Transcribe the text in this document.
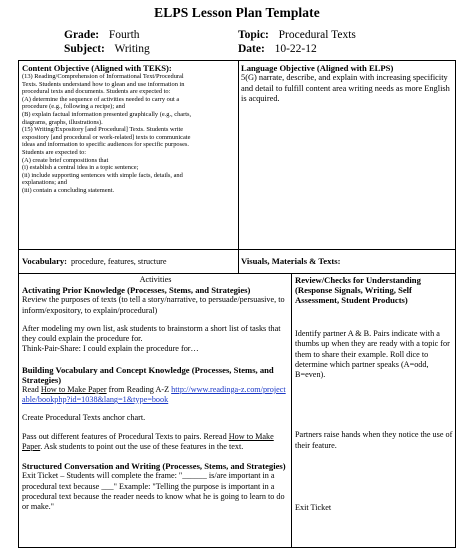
ELPS Lesson Plan Template
Grade: Fourth
Subject: Writing
Topic: Procedural Texts
Date: 10-22-12
Content Objective (Aligned with TEKS):
(13) Reading/Comprehension of Informational Text/Procedural
Texts. Students understand how to glean and use information in
procedural texts and documents. Students are expected to:
(A) determine the sequence of activities needed to carry out a
procedure (e.g., following a recipe); and
(B) explain factual information presented graphically (e.g., charts,
diagrams, graphs, illustrations).
(15) Writing/Expository [and Procedural] Texts. Students write
expository [and procedural or work-related] texts to communicate
ideas and information to specific audiences for specific purposes.
Students are expected to:
(A) create brief compositions that
(i) establish a central idea in a topic sentence;
(ii) include supporting sentences with simple facts, details, and
explanations; and
(iii) contain a concluding statement.
Language Objective (Aligned with ELPS)
5(G) narrate, describe, and explain with increasing specificity and detail to fulfill content area writing needs as more English is acquired.
Vocabulary: procedure, features, structure	Visuals, Materials & Texts:
Activities
Activating Prior Knowledge (Processes, Stems, and Strategies)

Review the purposes of texts (to tell a story/narrative, to persuade/persuasive, to inform/expository, to explain/procedural)

After modeling my own list, ask students to brainstorm a short list of tasks that they could explain the procedure for.

Think-Pair-Share: I could explain the procedure for…

Building Vocabulary and Concept Knowledge (Processes, Stems, and Strategies)

Read How to Make Paper from Reading A-Z http://www.readinga-z.com/projectable/bookphp?id=1038&lang=1&type=book

Create Procedural Texts anchor chart.

Pass out different features of Procedural Texts to pairs. Reread How to Make Paper. Ask students to point out the use of these features in the text.

Structured Conversation and Writing (Processes, Stems, and Strategies)

Exit Ticket – Students will complete the frame: "______ is/are important in a procedural text because ___" Example: "Telling the purpose is important in a procedural text because the reader needs to know what he is going to learn to do or make."

Review/Checks for Understanding (Response Signals, Writing, Self Assessment, Student Products)

Identify partner A & B. Pairs indicate with a thumbs up when they are ready with a topic for them to share their example. Roll dice to determine which partner speaks (A=odd, B=even).

Partners raise hands when they notice the use of their feature.

Exit Ticket
